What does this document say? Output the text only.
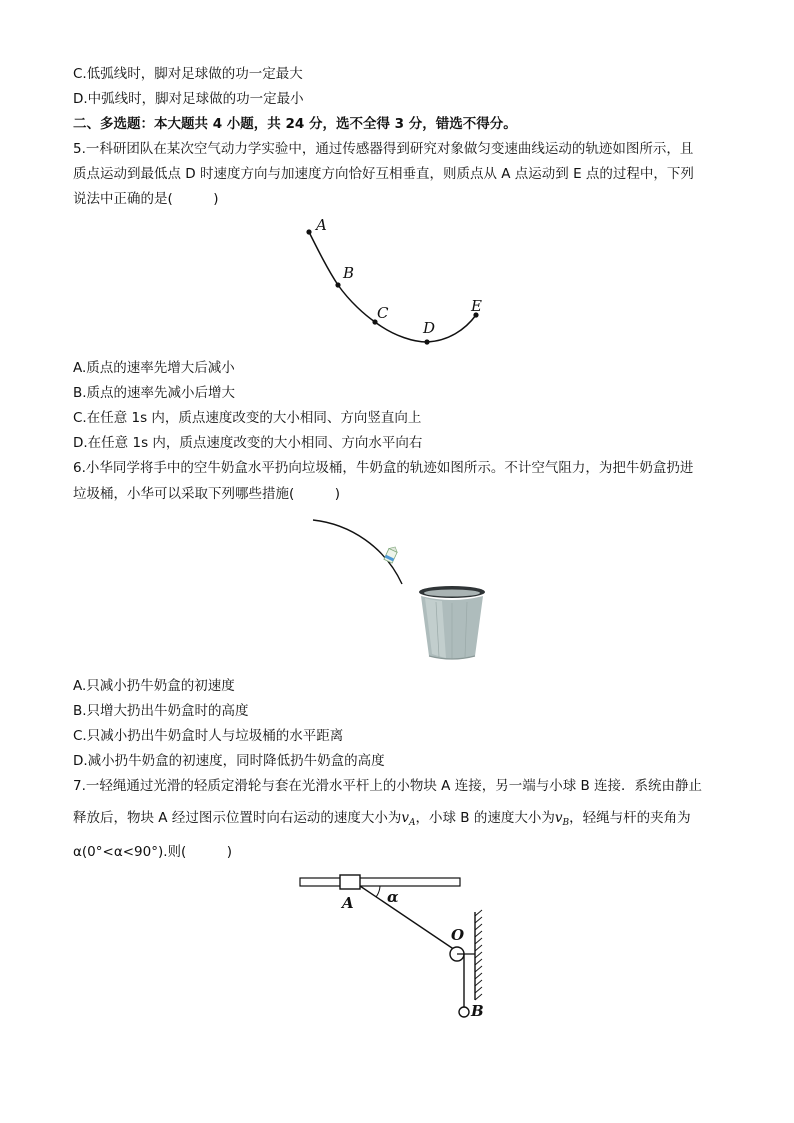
C.低弧线时，脚对足球做的功一定最大
D.中弧线时，脚对足球做的功一定最小
二、多选题：本大题共 4 小题，共 24 分，选不全得 3 分，错选不得分。
5.一科研团队在某次空气动力学实验中，通过传感器得到研究对象做匀变速曲线运动的轨迹如图所示，且
质点运动到最低点 D 时速度方向与加速度方向恰好互相垂直，则质点从 A 点运动到 E 点的过程中，下列
说法中正确的是(　　　)
A
B
C
D
E
A.质点的速率先增大后减小
B.质点的速率先减小后增大
C.在任意 1s 内，质点速度改变的大小相同、方向竖直向上
D.在任意 1s 内，质点速度改变的大小相同、方向水平向右
6.小华同学将手中的空牛奶盒水平扔向垃圾桶，牛奶盒的轨迹如图所示。不计空气阻力，为把牛奶盒扔进
垃圾桶，小华可以采取下列哪些措施(　　　)
A.只减小扔牛奶盒的初速度
B.只增大扔出牛奶盒时的高度
C.只减小扔出牛奶盒时人与垃圾桶的水平距离
D.减小扔牛奶盒的初速度，同时降低扔牛奶盒的高度
7.一轻绳通过光滑的轻质定滑轮与套在光滑水平杆上的小物块 A 连接，另一端与小球 B 连接．系统由静止
释放后，物块 A 经过图示位置时向右运动的速度大小为$v_A$，小球 B 的速度大小为$v_B$，轻绳与杆的夹角为
α(0°<α<90°).则(　　　)
α
A
O
B
